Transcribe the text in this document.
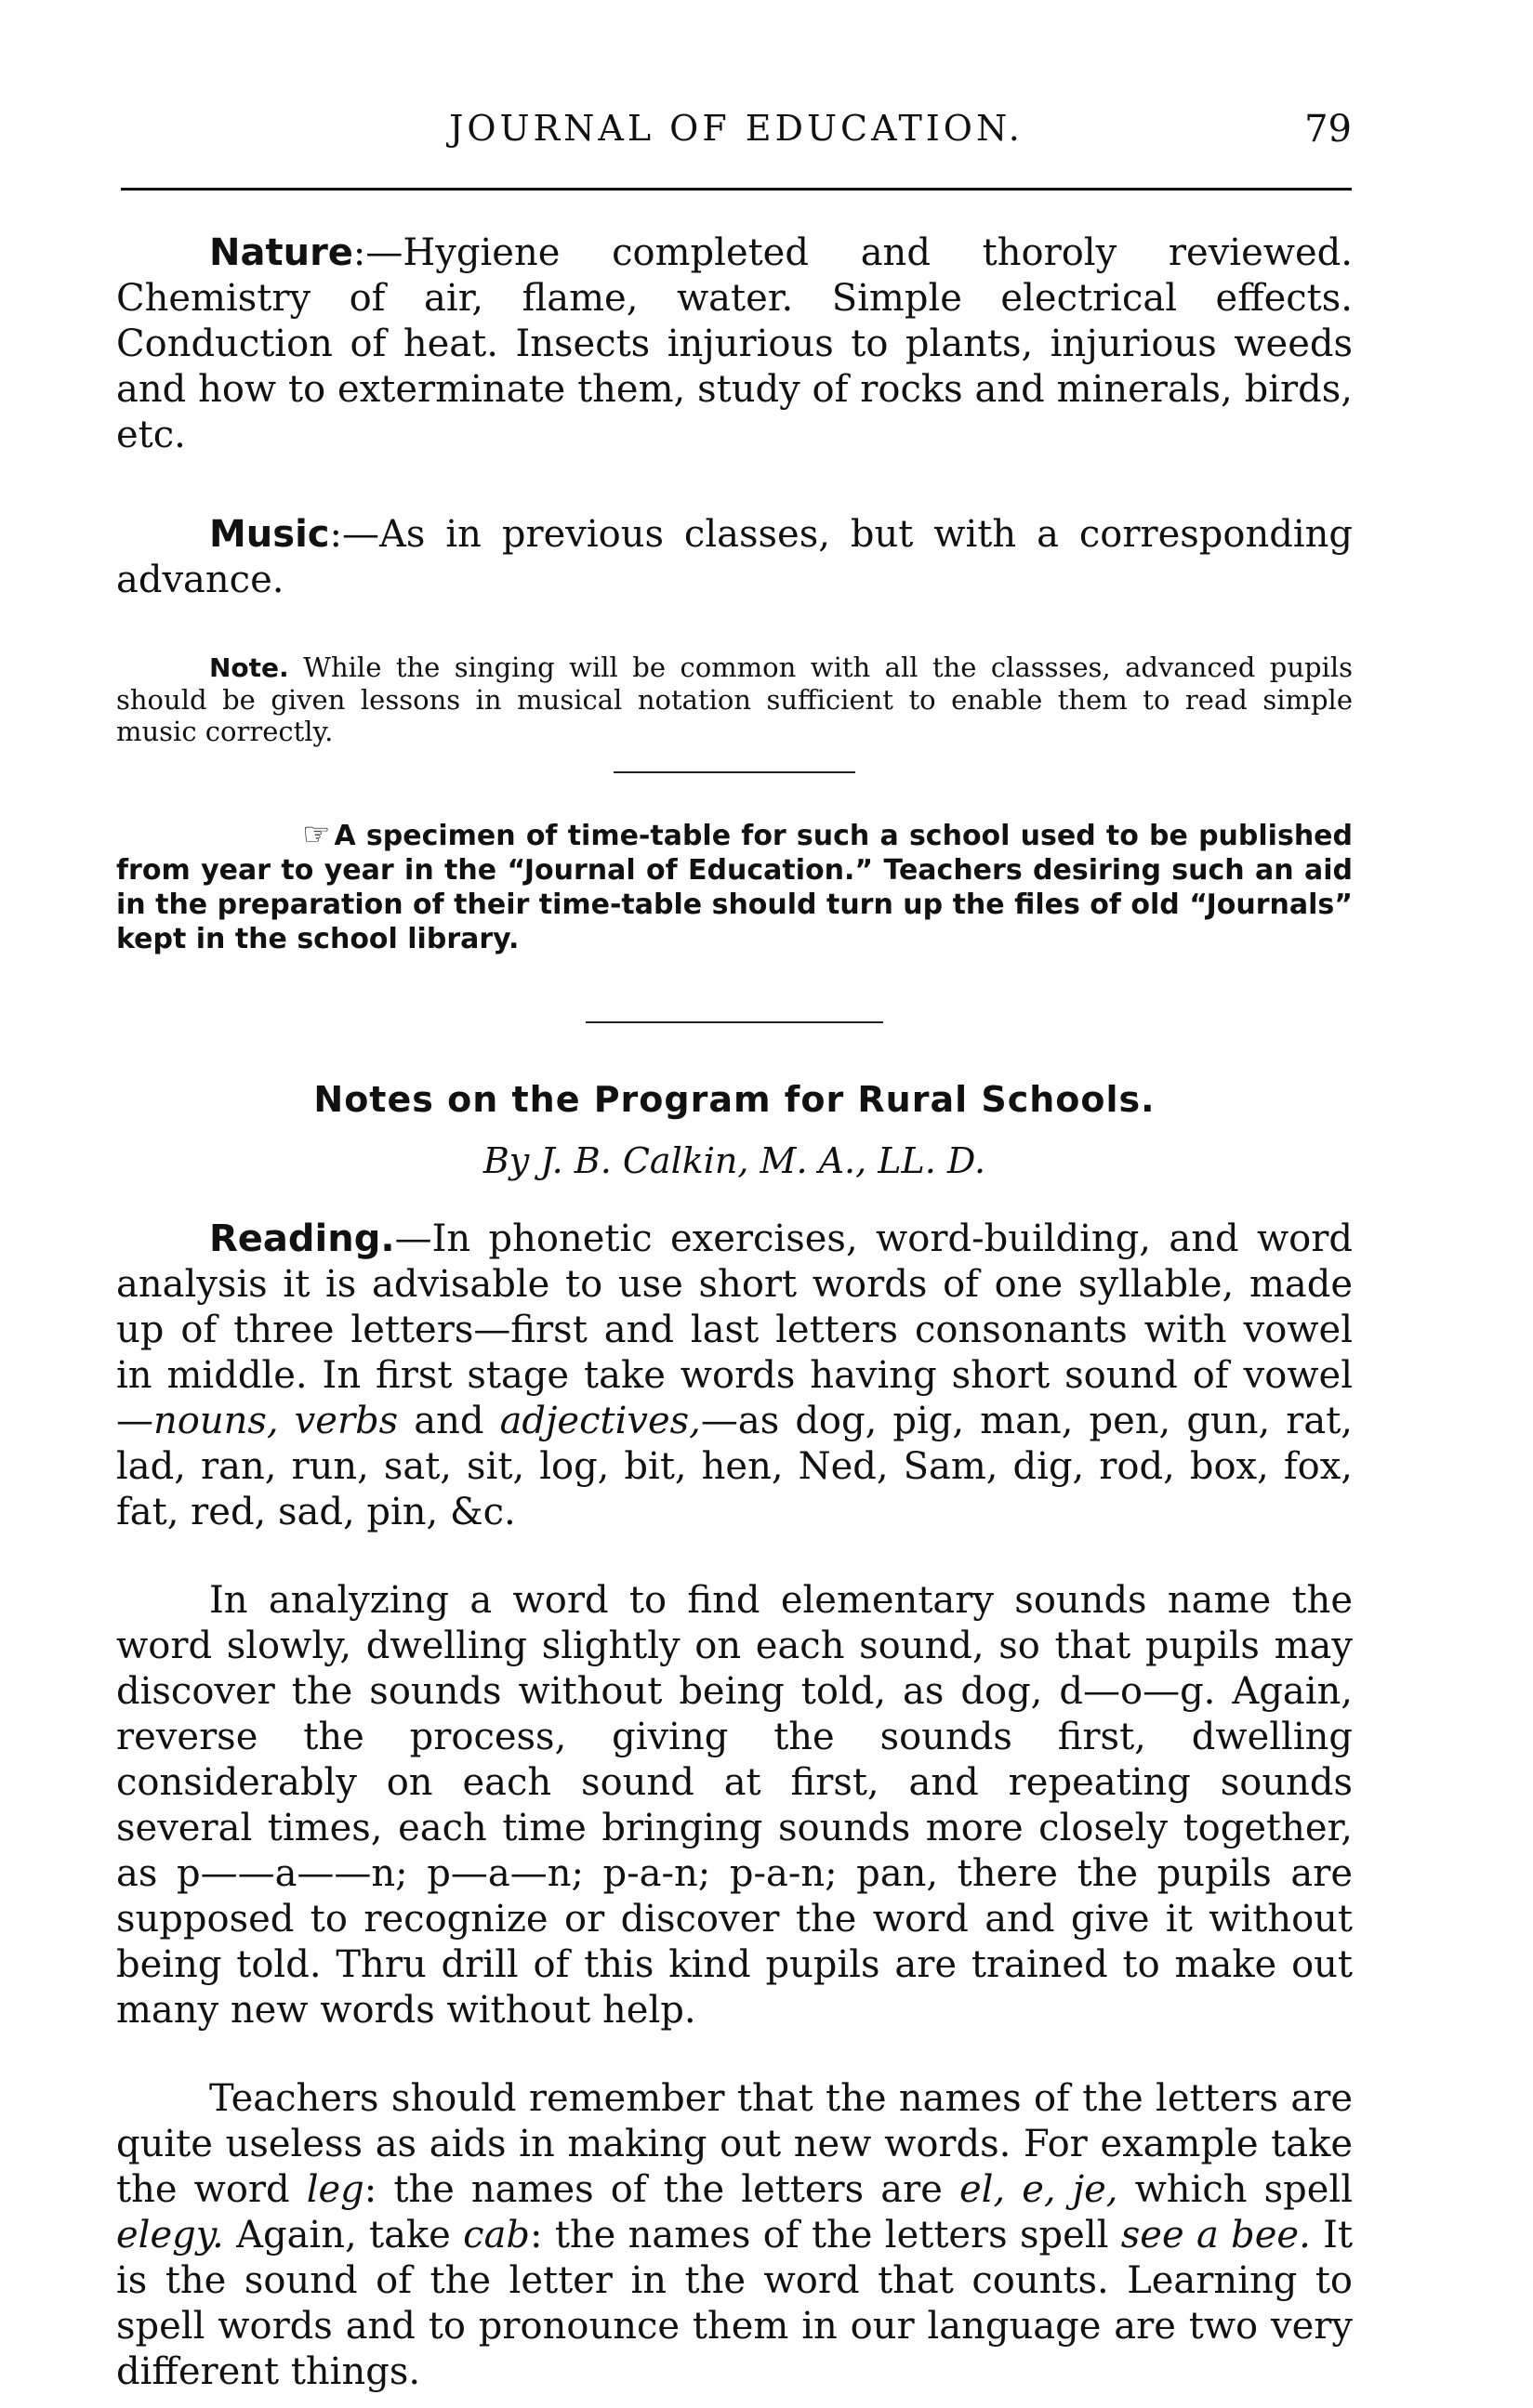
JOURNAL OF EDUCATION.	79

Nature:—Hygiene completed and thoroly reviewed. Chemistry of air, flame, water. Simple electrical effects. Conduction of heat. Insects injurious to plants, injurious weeds and how to exterminate them, study of rocks and minerals, birds, etc.

Music:—As in previous classes, but with a corresponding advance.

Note. While the singing will be common with all the classses, advanced pupils should be given lessons in musical notation sufficient to enable them to read simple music correctly.

☞ A specimen of time-table for such a school used to be published from year to year in the “Journal of Education.” Teachers desiring such an aid in the preparation of their time-table should turn up the files of old “Journals” kept in the school library.

Notes on the Program for Rural Schools.
By J. B. Calkin, M. A., LL. D.

Reading.—In phonetic exercises, word-building, and word analysis it is advisable to use short words of one syllable, made up of three letters—first and last letters consonants with vowel in middle. In first stage take words having short sound of vowel—nouns, verbs and adjectives,—as dog, pig, man, pen, gun, rat, lad, ran, run, sat, sit, log, bit, hen, Ned, Sam, dig, rod, box, fox, fat, red, sad, pin, &c.

In analyzing a word to find elementary sounds name the word slowly, dwelling slightly on each sound, so that pupils may discover the sounds without being told, as dog, d—o—g. Again, reverse the process, giving the sounds first, dwelling considerably on each sound at first, and repeating sounds several times, each time bringing sounds more closely together, as p——a——n; p—a—n; p-a-n; p-a-n; pan, there the pupils are supposed to recognize or discover the word and give it without being told. Thru drill of this kind pupils are trained to make out many new words without help.

Teachers should remember that the names of the letters are quite useless as aids in making out new words. For example take the word leg: the names of the letters are el, e, je, which spell elegy. Again, take cab: the names of the letters spell see a bee. It is the sound of the letter in the word that counts. Learning to spell words and to pronounce them in our language are two very different things.
